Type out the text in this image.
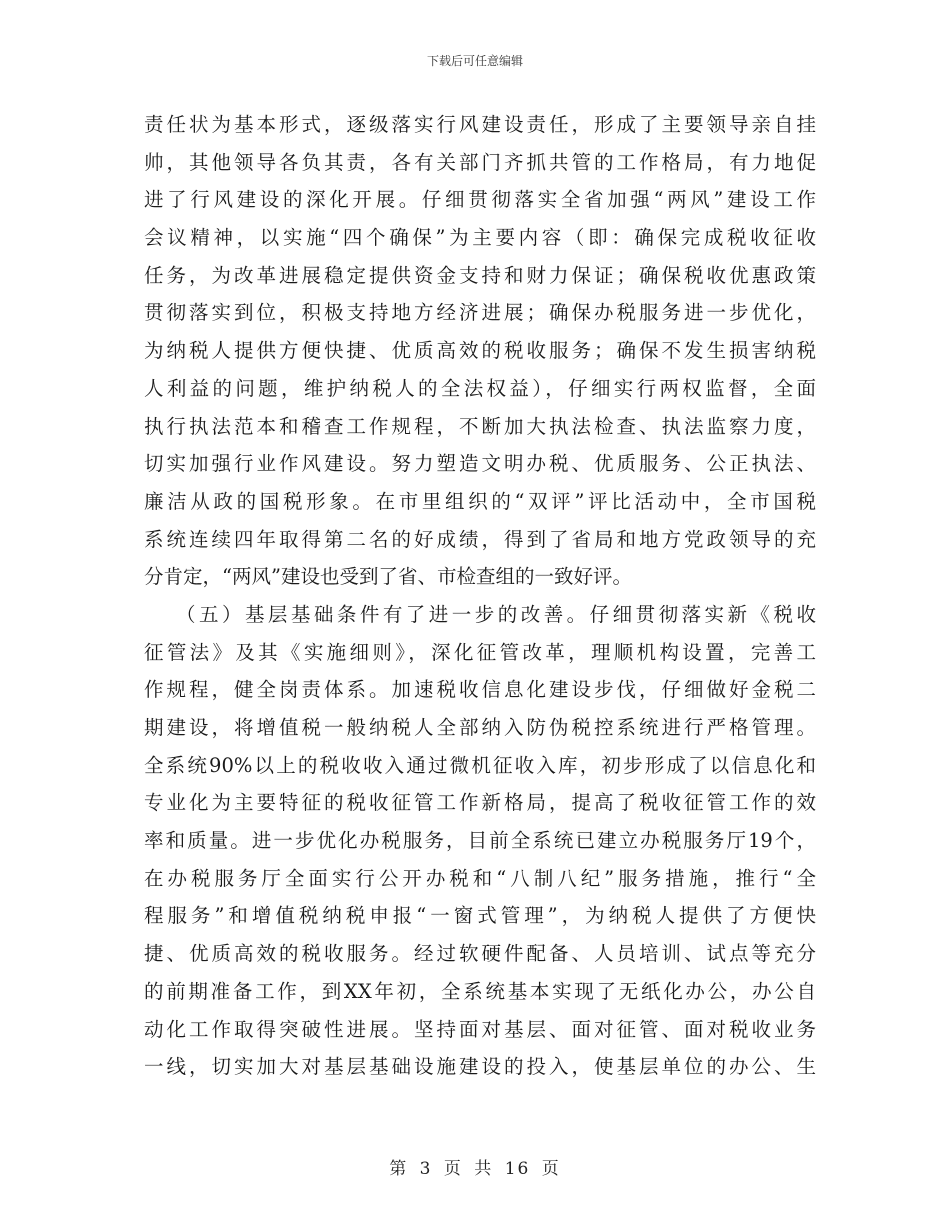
下载后可任意编辑
责任状为基本形式，逐级落实行风建设责任，形成了主要领导亲自挂
帅，其他领导各负其责，各有关部门齐抓共管的工作格局，有力地促
进了行风建设的深化开展。仔细贯彻落实全省加强“两风”建设工作
会议精神，以实施“四个确保”为主要内容（即：确保完成税收征收
任务，为改革进展稳定提供资金支持和财力保证；确保税收优惠政策
贯彻落实到位，积极支持地方经济进展；确保办税服务进一步优化，
为纳税人提供方便快捷、优质高效的税收服务；确保不发生损害纳税
人利益的问题，维护纳税人的全法权益），仔细实行两权监督，全面
执行执法范本和稽查工作规程，不断加大执法检查、执法监察力度，
切实加强行业作风建设。努力塑造文明办税、优质服务、公正执法、
廉洁从政的国税形象。在市里组织的“双评”评比活动中，全市国税
系统连续四年取得第二名的好成绩，得到了省局和地方党政领导的充
分肯定，“两风”建设也受到了省、市检查组的一致好评。
（五）基层基础条件有了进一步的改善。仔细贯彻落实新《税收
征管法》及其《实施细则》，深化征管改革，理顺机构设置，完善工
作规程，健全岗责体系。加速税收信息化建设步伐，仔细做好金税二
期建设，将增值税一般纳税人全部纳入防伪税控系统进行严格管理。
全系统90%以上的税收收入通过微机征收入库，初步形成了以信息化和
专业化为主要特征的税收征管工作新格局，提高了税收征管工作的效
率和质量。进一步优化办税服务，目前全系统已建立办税服务厅19个，
在办税服务厅全面实行公开办税和“八制八纪”服务措施，推行“全
程服务”和增值税纳税申报“一窗式管理”，为纳税人提供了方便快
捷、优质高效的税收服务。经过软硬件配备、人员培训、试点等充分
的前期准备工作，到XX年初，全系统基本实现了无纸化办公，办公自
动化工作取得突破性进展。坚持面对基层、面对征管、面对税收业务
一线，切实加大对基层基础设施建设的投入，使基层单位的办公、生
第 3 页 共 16 页
